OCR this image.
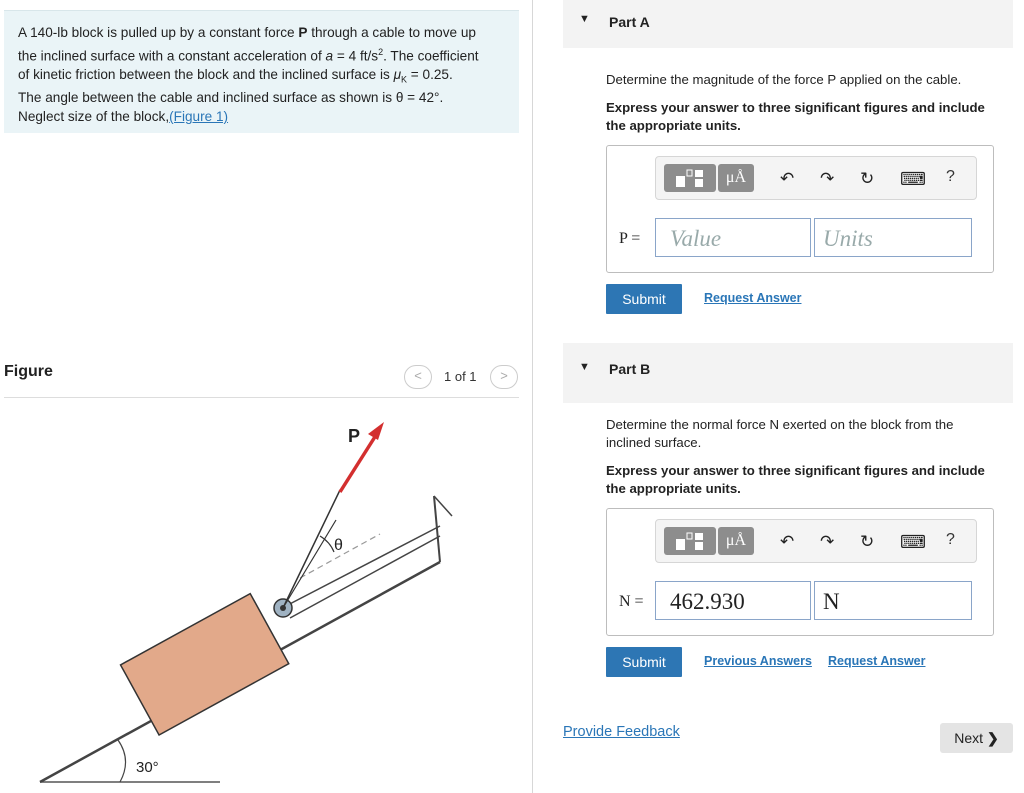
A 140-lb block is pulled up by a constant force P through a cable to move up
the inclined surface with a constant acceleration of a = 4 $ft/s^2$. The coefficient
of kinetic friction between the block and the inclined surface is $\mu_K = 0.25$.
The angle between the cable and inclined surface as shown is θ = 42°.
Neglect size of the block,(Figure 1)
Figure	<	1 of 1	>
30°
P
θ
▼ Part A
Determine the magnitude of the force P applied on the cable.
Express your answer to three significant figures and include the appropriate units.
μÅ	↶ ↷ ↻ ⌨ ?
P =	Value	Units
Submit	Request Answer
▼ Part B
Determine the normal force N exerted on the block from the inclined surface.
Express your answer to three significant figures and include the appropriate units.
μÅ	↶ ↷ ↻ ⌨ ?
N =	462.930	N
Submit	Previous Answers Request Answer
Provide Feedback	Next ❯
